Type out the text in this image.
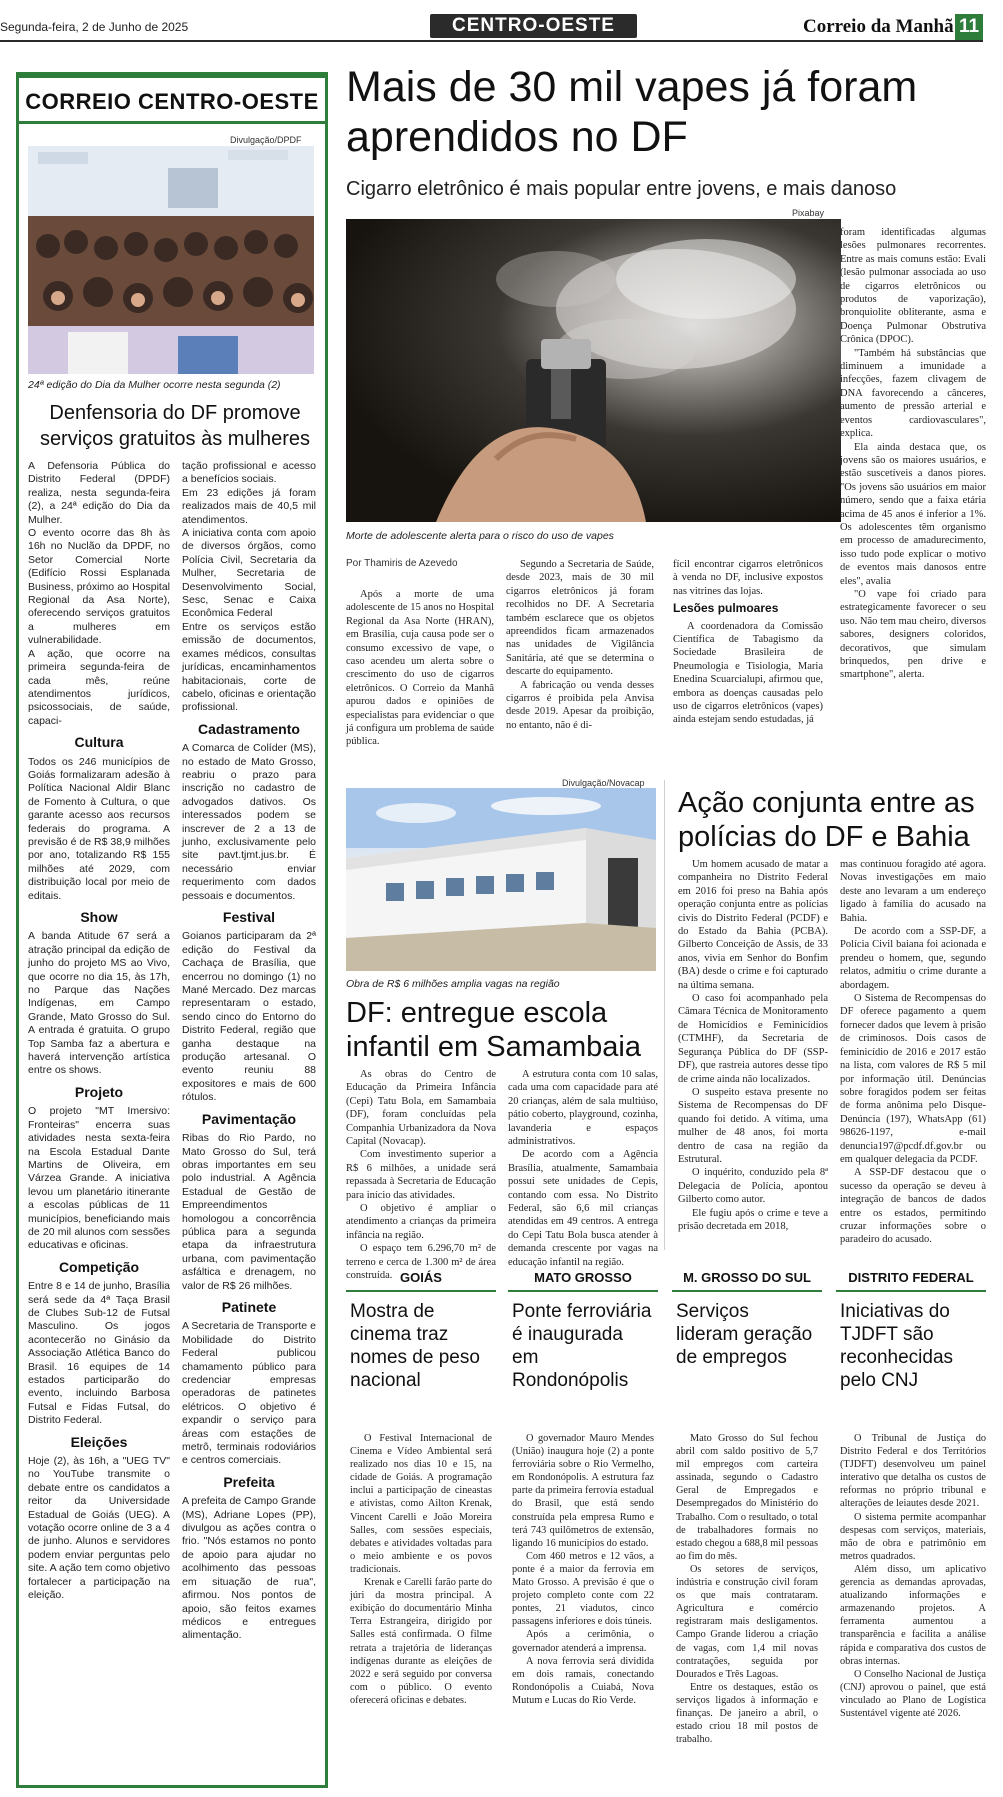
Segunda-feira, 2 de Junho de 2025	CENTRO-OESTE	Correio da Manhã 11
CORREIO CENTRO-OESTE
Divulgação/DPDF
24ª edição do Dia da Mulher ocorre nesta segunda (2)
Denfensoria do DF promove serviços gratuitos às mulheres

A Defensoria Pública do Distrito Federal (DPDF) realiza, nesta segunda-feira (2), a 24ª edição do Dia da Mulher.

O evento ocorre das 8h às 16h no Nuclão da DPDF, no Setor Comercial Norte (Edifício Rossi Esplanada Business, próximo ao Hospital Regional da Asa Norte), oferecendo serviços gratuitos a mulheres em vulnerabilidade.

A ação, que ocorre na primeira segunda-feira de cada mês, reúne atendimentos jurídicos, psicossociais, de saúde, capaci-

Cultura

Todos os 246 municípios de Goiás formalizaram adesão à Política Nacional Aldir Blanc de Fomento à Cultura, o que garante acesso aos recursos federais do programa. A previsão é de R$ 38,9 milhões por ano, totalizando R$ 155 milhões até 2029, com distribuição local por meio de editais.

Show

A banda Atitude 67 será a atração principal da edição de junho do projeto MS ao Vivo, que ocorre no dia 15, às 17h, no Parque das Nações Indígenas, em Campo Grande, Mato Grosso do Sul. A entrada é gratuita. O grupo Top Samba faz a abertura e haverá intervenção artística entre os shows.

Projeto

O projeto "MT Imersivo: Fronteiras" encerra suas atividades nesta sexta-feira na Escola Estadual Dante Martins de Oliveira, em Várzea Grande. A iniciativa levou um planetário itinerante a escolas públicas de 11 municípios, beneficiando mais de 20 mil alunos com sessões educativas e oficinas.

Competição

Entre 8 e 14 de junho, Brasília será sede da 4ª Taça Brasil de Clubes Sub-12 de Futsal Masculino. Os jogos acontecerão no Ginásio da Associação Atlética Banco do Brasil. 16 equipes de 14 estados participarão do evento, incluindo Barbosa Futsal e Fidas Futsal, do Distrito Federal.

Eleições

Hoje (2), às 16h, a "UEG TV" no YouTube transmite o debate entre os candidatos a reitor da Universidade Estadual de Goiás (UEG). A votação ocorre online de 3 a 4 de junho. Alunos e servidores podem enviar perguntas pelo site. A ação tem como objetivo fortalecer a participação na eleição.

tação profissional e acesso a benefícios sociais.

Em 23 edições já foram realizados mais de 40,5 mil atendimentos.

A iniciativa conta com apoio de diversos órgãos, como Polícia Civil, Secretaria da Mulher, Secretaria de Desenvolvimento Social, Sesc, Senac e Caixa Econômica Federal

Entre os serviços estão emissão de documentos, exames médicos, consultas jurídicas, encaminhamentos habitacionais, corte de cabelo, oficinas e orientação profissional.

Cadastramento

A Comarca de Colíder (MS), no estado de Mato Grosso, reabriu o prazo para inscrição no cadastro de advogados dativos. Os interessados podem se inscrever de 2 a 13 de junho, exclusivamente pelo site pavt.tjmt.jus.br. É necessário enviar requerimento com dados pessoais e documentos.

Festival

Goianos participaram da 2ª edição do Festival da Cachaça de Brasília, que encerrou no domingo (1) no Mané Mercado. Dez marcas representaram o estado, sendo cinco do Entorno do Distrito Federal, região que ganha destaque na produção artesanal. O evento reuniu 88 expositores e mais de 600 rótulos.

Pavimentação

Ribas do Rio Pardo, no Mato Grosso do Sul, terá obras importantes em seu polo industrial. A Agência Estadual de Gestão de Empreendimentos homologou a concorrência pública para a segunda etapa da infraestrutura urbana, com pavimentação asfáltica e drenagem, no valor de R$ 26 milhões.

Patinete

A Secretaria de Transporte e Mobilidade do Distrito Federal publicou chamamento público para credenciar empresas operadoras de patinetes elétricos. O objetivo é expandir o serviço para áreas com estações de metrô, terminais rodoviários e centros comerciais.

Prefeita

A prefeita de Campo Grande (MS), Adriane Lopes (PP), divulgou as ações contra o frio. "Nós estamos no ponto de apoio para ajudar no acolhimento das pessoas em situação de rua", afirmou. Nos pontos de apoio, são feitos exames médicos e entregues alimentação.

Mais de 30 mil vapes já foram aprendidos no DF
Cigarro eletrônico é mais popular entre jovens, e mais danoso
Pixabay
Morte de adolescente alerta para o risco do uso de vapes
Por Thamiris de Azevedo

Após a morte de uma adolescente de 15 anos no Hospital Regional da Asa Norte (HRAN), em Brasília, cuja causa pode ser o consumo excessivo de vape, o caso acendeu um alerta sobre o crescimento do uso de cigarros eletrônicos. O Correio da Manhã apurou dados e opiniões de especialistas para evidenciar o que já configura um problema de saúde pública.

Segundo a Secretaria de Saúde, desde 2023, mais de 30 mil cigarros eletrônicos já foram recolhidos no DF. A Secretaria também esclarece que os objetos apreendidos ficam armazenados nas unidades de Vigilância Sanitária, até que se determina o descarte do equipamento.

A fabricação ou venda desses cigarros é proibida pela Anvisa desde 2019. Apesar da proibição, no entanto, não é di-

fícil encontrar cigarros eletrônicos à venda no DF, inclusive expostos nas vitrines das lojas.

Lesões pulmoares

A coordenadora da Comissão Científica de Tabagismo da Sociedade Brasileira de Pneumologia e Tisiologia, Maria Enedina Scuarcialupi, afirmou que, embora as doenças causadas pelo uso de cigarros eletrônicos (vapes) ainda estejam sendo estudadas, já

foram identificadas algumas lesões pulmonares recorrentes. Entre as mais comuns estão: Evali (lesão pulmonar associada ao uso de cigarros eletrônicos ou produtos de vaporização), bronquiolite obliterante, asma e Doença Pulmonar Obstrutiva Crônica (DPOC).

"Também há substâncias que diminuem a imunidade a infecções, fazem clivagem de DNA favorecendo a cânceres, aumento de pressão arterial e eventos cardiovasculares", explica.

Ela ainda destaca que, os jovens são os maiores usuários, e estão suscetíveis a danos piores. "Os jovens são usuários em maior número, sendo que a faixa etária acima de 45 anos é inferior a 1%. Os adolescentes têm organismo em processo de amadurecimento, isso tudo pode explicar o motivo de eventos mais danosos entre eles", avalia

"O vape foi criado para estrategicamente favorecer o seu uso. Não tem mau cheiro, diversos sabores, designers coloridos, decorativos, que simulam brinquedos, pen drive e smartphone", alerta.

Divulgação/Novacap
Obra de R$ 6 milhões amplia vagas na região
DF: entregue escola infantil em Samambaia

As obras do Centro de Educação da Primeira Infância (Cepi) Tatu Bola, em Samambaia (DF), foram concluídas pela Companhia Urbanizadora da Nova Capital (Novacap).

Com investimento superior a R$ 6 milhões, a unidade será repassada à Secretaria de Educação para início das atividades.

O objetivo é ampliar o atendimento a crianças da primeira infância na região.

O espaço tem 6.296,70 m² de terreno e cerca de 1.300 m² de área construída.

A estrutura conta com 10 salas, cada uma com capacidade para até 20 crianças, além de sala multiúso, pátio coberto, playground, cozinha, lavanderia e espaços administrativos.

De acordo com a Agência Brasília, atualmente, Samambaia possui sete unidades de Cepis, contando com essa. No Distrito Federal, são 6,6 mil crianças atendidas em 49 centros. A entrega do Cepi Tatu Bola busca atender à demanda crescente por vagas na educação infantil na região.

Ação conjunta entre as polícias do DF e Bahia

Um homem acusado de matar a companheira no Distrito Federal em 2016 foi preso na Bahia após operação conjunta entre as polícias civis do Distrito Federal (PCDF) e do Estado da Bahia (PCBA). Gilberto Conceição de Assis, de 33 anos, vivia em Senhor do Bonfim (BA) desde o crime e foi capturado na última semana.

O caso foi acompanhado pela Câmara Técnica de Monitoramento de Homicídios e Feminicídios (CTMHF), da Secretaria de Segurança Pública do DF (SSP-DF), que rastreia autores desse tipo de crime ainda não localizados.

O suspeito estava presente no Sistema de Recompensas do DF quando foi detido. A vítima, uma mulher de 48 anos, foi morta dentro de casa na região da Estrutural.

O inquérito, conduzido pela 8ª Delegacia de Polícia, apontou Gilberto como autor.

Ele fugiu após o crime e teve a prisão decretada em 2018,

mas continuou foragido até agora. Novas investigações em maio deste ano levaram a um endereço ligado à família do acusado na Bahia.

De acordo com a SSP-DF, a Polícia Civil baiana foi acionada e prendeu o homem, que, segundo relatos, admitiu o crime durante a abordagem.

O Sistema de Recompensas do DF oferece pagamento a quem fornecer dados que levem à prisão de criminosos. Dois casos de feminicídio de 2016 e 2017 estão na lista, com valores de R$ 5 mil por informação útil. Denúncias sobre foragidos podem ser feitas de forma anônima pelo Disque-Denúncia (197), WhatsApp (61) 98626-1197, e-mail denuncia197@pcdf.df.gov.br ou em qualquer delegacia da PCDF.

A SSP-DF destacou que o sucesso da operação se deveu à integração de bancos de dados entre os estados, permitindo cruzar informações sobre o paradeiro do acusado.

GOIÁS	MATO GROSSO	M. GROSSO DO SUL	DISTRITO FEDERAL
Mostra de cinema traz nomes de peso nacional
Ponte ferroviária é inaugurada em Rondonópolis
Serviços lideram geração de empregos
Iniciativas do TJDFT são reconhecidas pelo CNJ

O Festival Internacional de Cinema e Vídeo Ambiental será realizado nos dias 10 e 15, na cidade de Goiás. A programação inclui a participação de cineastas e ativistas, como Ailton Krenak, Vincent Carelli e João Moreira Salles, com sessões especiais, debates e atividades voltadas para o meio ambiente e os povos tradicionais.

Krenak e Carelli farão parte do júri da mostra principal. A exibição do documentário Minha Terra Estrangeira, dirigido por Salles está confirmada. O filme retrata a trajetória de lideranças indígenas durante as eleições de 2022 e será seguido por conversa com o público. O evento oferecerá oficinas e debates.

O governador Mauro Mendes (União) inaugura hoje (2) a ponte ferroviária sobre o Rio Vermelho, em Rondonópolis. A estrutura faz parte da primeira ferrovia estadual do Brasil, que está sendo construída pela empresa Rumo e terá 743 quilômetros de extensão, ligando 16 municípios do estado.

Com 460 metros e 12 vãos, a ponte é a maior da ferrovia em Mato Grosso. A previsão é que o projeto completo conte com 22 pontes, 21 viadutos, cinco passagens inferiores e dois túneis.

Após a cerimônia, o governador atenderá a imprensa.

A nova ferrovia será dividida em dois ramais, conectando Rondonópolis a Cuiabá, Nova Mutum e Lucas do Rio Verde.

Mato Grosso do Sul fechou abril com saldo positivo de 5,7 mil empregos com carteira assinada, segundo o Cadastro Geral de Empregados e Desempregados do Ministério do Trabalho. Com o resultado, o total de trabalhadores formais no estado chegou a 688,8 mil pessoas ao fim do mês.

Os setores de serviços, indústria e construção civil foram os que mais contrataram. Agricultura e comércio registraram mais desligamentos. Campo Grande liderou a criação de vagas, com 1,4 mil novas contratações, seguida por Dourados e Três Lagoas.

Entre os destaques, estão os serviços ligados à informação e finanças. De janeiro a abril, o estado criou 18 mil postos de trabalho.

O Tribunal de Justiça do Distrito Federal e dos Territórios (TJDFT) desenvolveu um painel interativo que detalha os custos de reformas no próprio tribunal e alterações de leiautes desde 2021.

O sistema permite acompanhar despesas com serviços, materiais, mão de obra e patrimônio em metros quadrados.

Além disso, um aplicativo gerencia as demandas aprovadas, atualizando informações e armazenando projetos. A ferramenta aumentou a transparência e facilita a análise rápida e comparativa dos custos de obras internas.

O Conselho Nacional de Justiça (CNJ) aprovou o painel, que está vinculado ao Plano de Logística Sustentável vigente até 2026.
